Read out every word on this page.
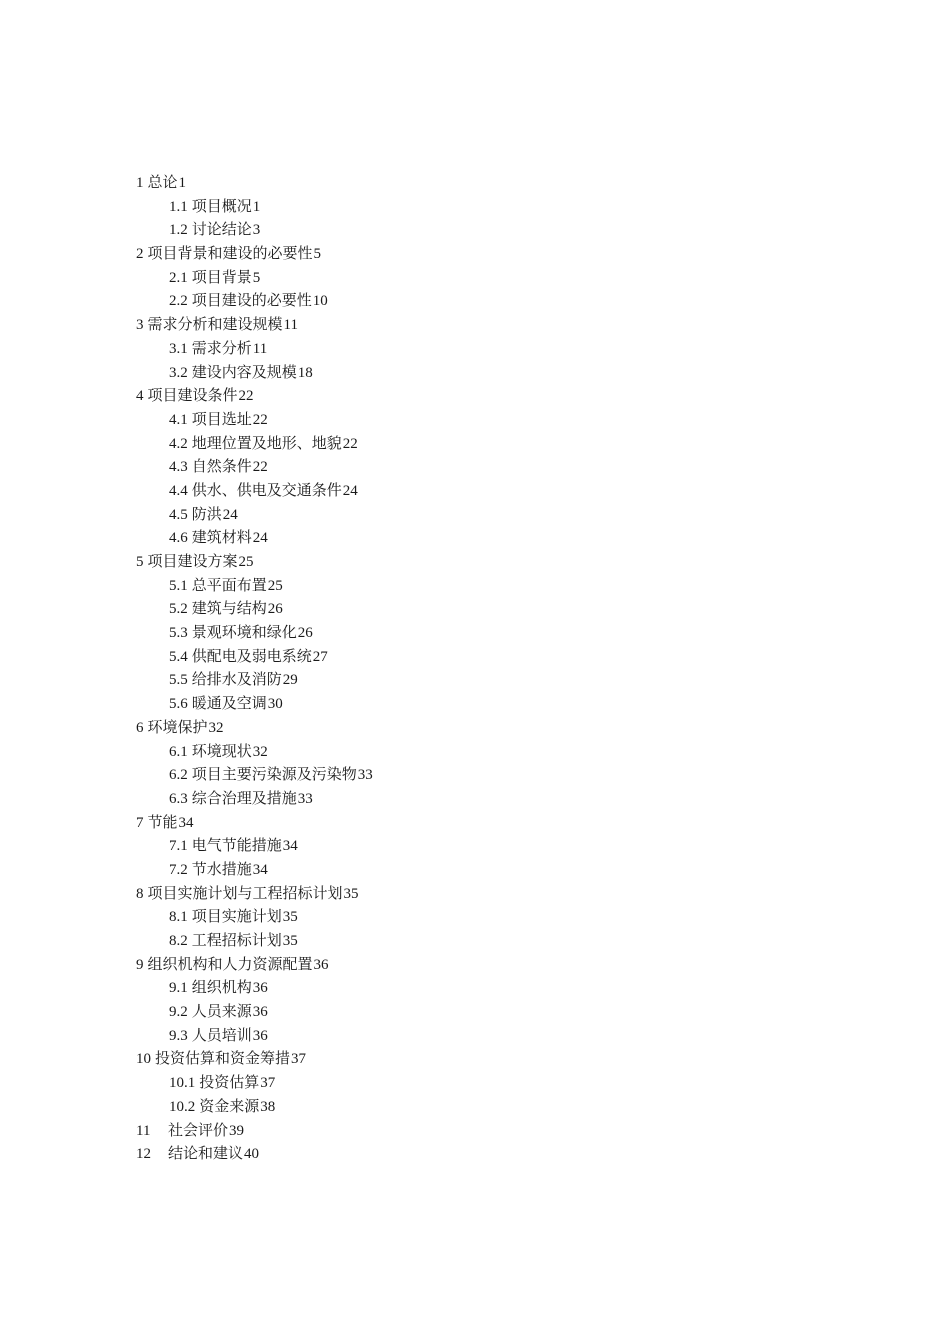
1 总论1
1.1 项目概况1
1.2 讨论结论3
2 项目背景和建设的必要性5
2.1 项目背景5
2.2 项目建设的必要性10
3 需求分析和建设规模11
3.1 需求分析11
3.2 建设内容及规模18
4 项目建设条件22
4.1 项目选址22
4.2 地理位置及地形、地貌22
4.3 自然条件22
4.4 供水、供电及交通条件24
4.5 防洪24
4.6 建筑材料24
5 项目建设方案25
5.1 总平面布置25
5.2 建筑与结构26
5.3 景观环境和绿化26
5.4 供配电及弱电系统27
5.5 给排水及消防29
5.6 暖通及空调30
6 环境保护32
6.1 环境现状32
6.2 项目主要污染源及污染物33
6.3 综合治理及措施33
7 节能34
7.1 电气节能措施34
7.2 节水措施34
8 项目实施计划与工程招标计划35
8.1 项目实施计划35
8.2 工程招标计划35
9 组织机构和人力资源配置36
9.1 组织机构36
9.2 人员来源36
9.3 人员培训36
10 投资估算和资金筹措37
10.1 投资估算37
10.2 资金来源38
11 社会评价39
12 结论和建议40
